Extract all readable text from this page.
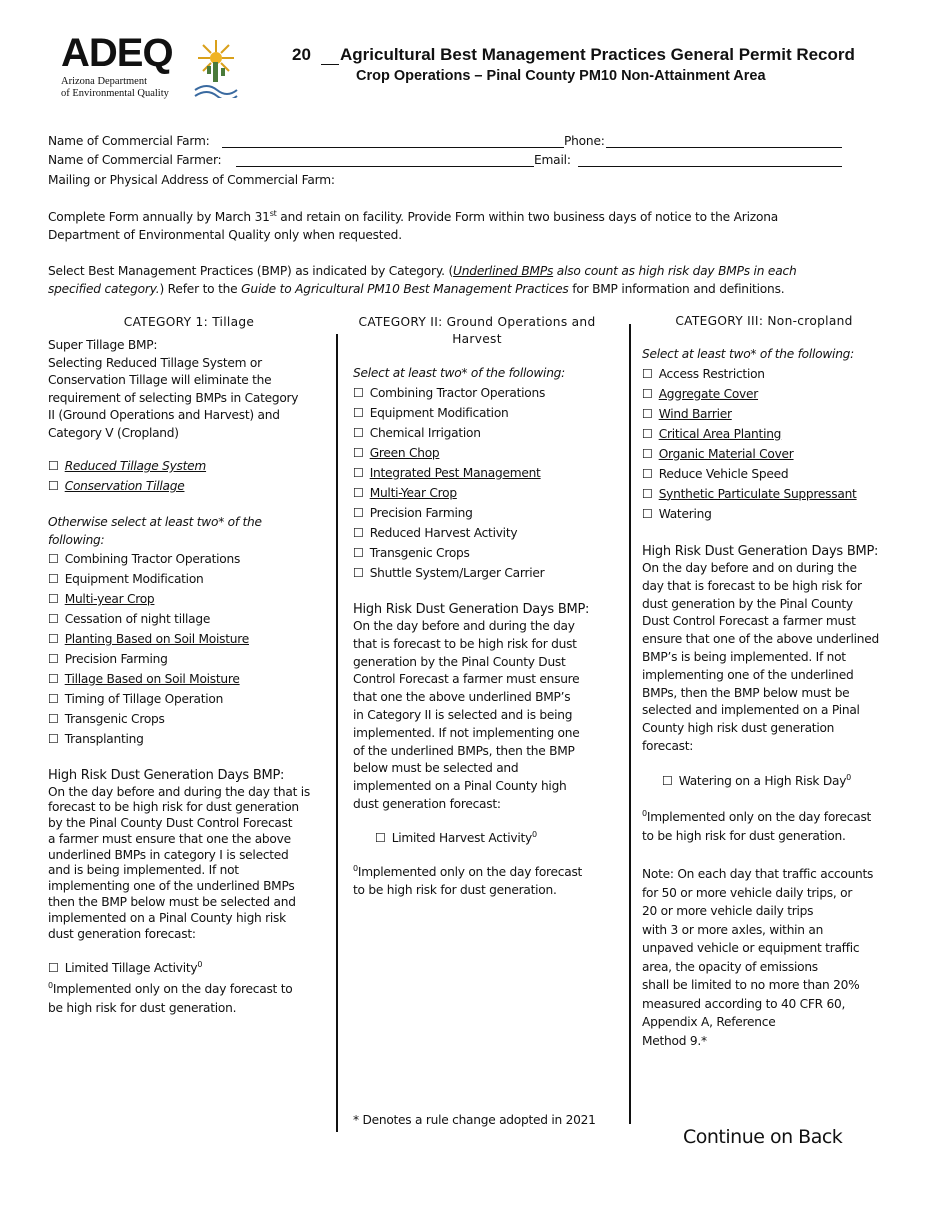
ADEQ
Arizona Department
of Environmental Quality
20 Agricultural Best Management Practices General Permit Record
Crop Operations – Pinal County PM10 Non-Attainment Area
Name of Commercial Farm:	Phone:
Name of Commercial Farmer:	Email:
Mailing or Physical Address of Commercial Farm:
Complete Form annually by March 31st and retain on facility. Provide Form within two business days of notice to the Arizona
Department of Environmental Quality only when requested.
Select Best Management Practices (BMP) as indicated by Category. (Underlined BMPs also count as high risk day BMPs in each
specified category.) Refer to the Guide to Agricultural PM10 Best Management Practices for BMP information and definitions.
CATEGORY 1: Tillage
Super Tillage BMP:
Selecting Reduced Tillage System or
Conservation Tillage will eliminate the
requirement of selecting BMPs in Category
II (Ground Operations and Harvest) and
Category V (Cropland)
☐ Reduced Tillage System
☐ Conservation Tillage
Otherwise select at least two* of the
following:
☐ Combining Tractor Operations
☐ Equipment Modification
☐ Multi-year Crop
☐ Cessation of night tillage
☐ Planting Based on Soil Moisture
☐ Precision Farming
☐ Tillage Based on Soil Moisture
☐ Timing of Tillage Operation
☐ Transgenic Crops
☐ Transplanting
High Risk Dust Generation Days BMP:
On the day before and during the day that is
forecast to be high risk for dust generation
by the Pinal County Dust Control Forecast
a farmer must ensure that one the above
underlined BMPs in category I is selected
and is being implemented. If not
implementing one of the underlined BMPs
then the BMP below must be selected and
implemented on a Pinal County high risk
dust generation forecast:
☐ Limited Tillage Activity$^0$
$^0$Implemented only on the day forecast to
be high risk for dust generation.
CATEGORY II: Ground Operations and
Harvest
Select at least two* of the following:
☐ Combining Tractor Operations
☐ Equipment Modification
☐ Chemical Irrigation
☐ Green Chop
☐ Integrated Pest Management
☐ Multi-Year Crop
☐ Precision Farming
☐ Reduced Harvest Activity
☐ Transgenic Crops
☐ Shuttle System/Larger Carrier
High Risk Dust Generation Days BMP:
On the day before and during the day
that is forecast to be high risk for dust
generation by the Pinal County Dust
Control Forecast a farmer must ensure
that one the above underlined BMP’s
in Category II is selected and is being
implemented. If not implementing one
of the underlined BMPs, then the BMP
below must be selected and
implemented on a Pinal County high
dust generation forecast:
☐ Limited Harvest Activity$^0$
$^0$Implemented only on the day forecast
to be high risk for dust generation.
* Denotes a rule change adopted in 2021
CATEGORY III: Non-cropland
Select at least two* of the following:
☐ Access Restriction
☐ Aggregate Cover
☐ Wind Barrier
☐ Critical Area Planting
☐ Organic Material Cover
☐ Reduce Vehicle Speed
☐ Synthetic Particulate Suppressant
☐ Watering
High Risk Dust Generation Days BMP:
On the day before and on during the
day that is forecast to be high risk for
dust generation by the Pinal County
Dust Control Forecast a farmer must
ensure that one of the above underlined
BMP’s is being implemented. If not
implementing one of the underlined
BMPs, then the BMP below must be
selected and implemented on a Pinal
County high risk dust generation
forecast:
☐ Watering on a High Risk Day$^0$
$^0$Implemented only on the day forecast
to be high risk for dust generation.
Note: On each day that traffic accounts
for 50 or more vehicle daily trips, or
20 or more vehicle daily trips
with 3 or more axles, within an
unpaved vehicle or equipment traffic
area, the opacity of emissions
shall be limited to no more than 20%
measured according to 40 CFR 60,
Appendix A, Reference
Method 9.*
Continue on Back
